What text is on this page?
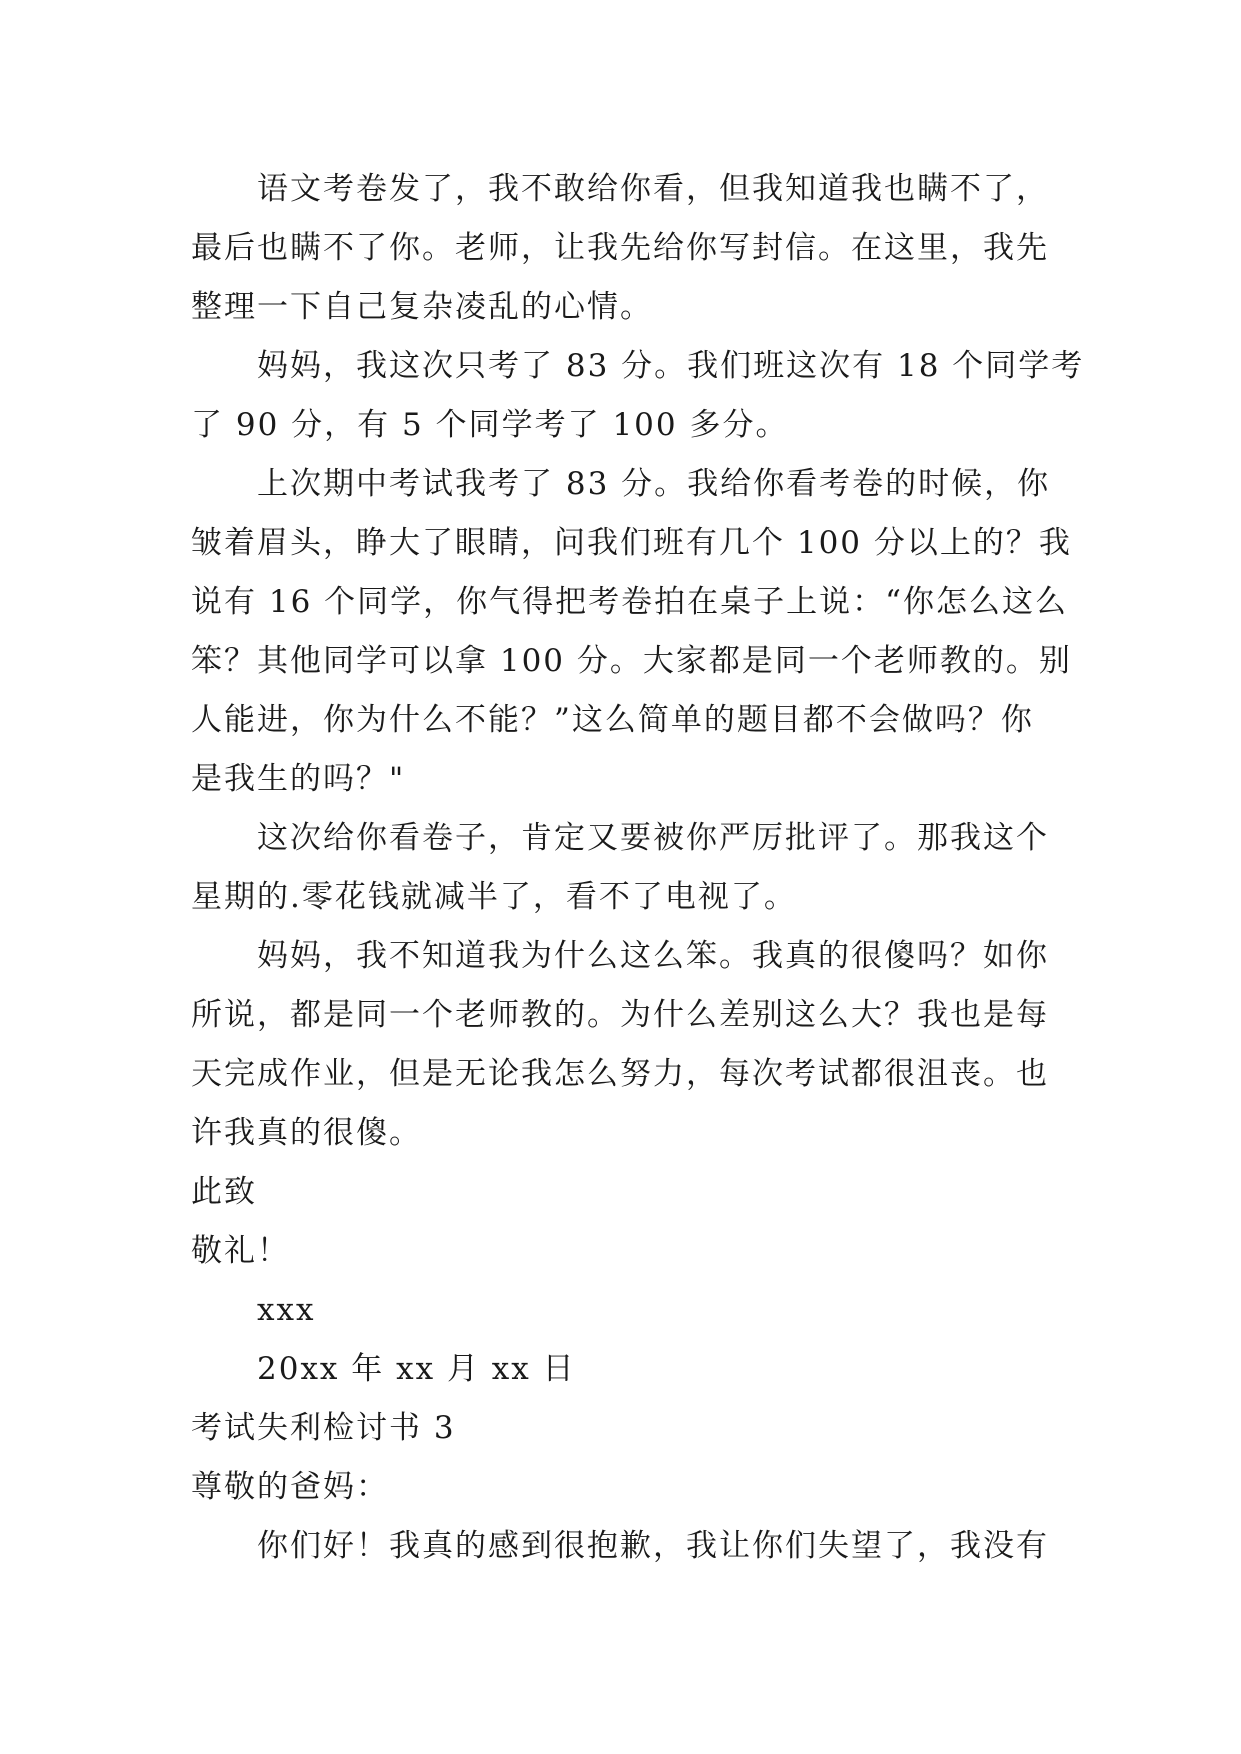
语文考卷发了，我不敢给你看，但我知道我也瞒不了，
最后也瞒不了你。老师，让我先给你写封信。在这里，我先
整理一下自己复杂凌乱的心情。
妈妈，我这次只考了 83 分。我们班这次有 18 个同学考
了 90 分，有 5 个同学考了 100 多分。
上次期中考试我考了 83 分。我给你看考卷的时候，你
皱着眉头，睁大了眼睛，问我们班有几个 100 分以上的？我
说有 16 个同学，你气得把考卷拍在桌子上说：“你怎么这么
笨？其他同学可以拿 100 分。大家都是同一个老师教的。别
人能进，你为什么不能？”这么简单的题目都不会做吗？你
是我生的吗？"
这次给你看卷子，肯定又要被你严厉批评了。那我这个
星期的.零花钱就减半了，看不了电视了。
妈妈，我不知道我为什么这么笨。我真的很傻吗？如你
所说，都是同一个老师教的。为什么差别这么大？我也是每
天完成作业，但是无论我怎么努力，每次考试都很沮丧。也
许我真的很傻。
此致
敬礼！
xxx
20xx 年 xx 月 xx 日
考试失利检讨书 3
尊敬的爸妈：
你们好！我真的感到很抱歉，我让你们失望了，我没有
